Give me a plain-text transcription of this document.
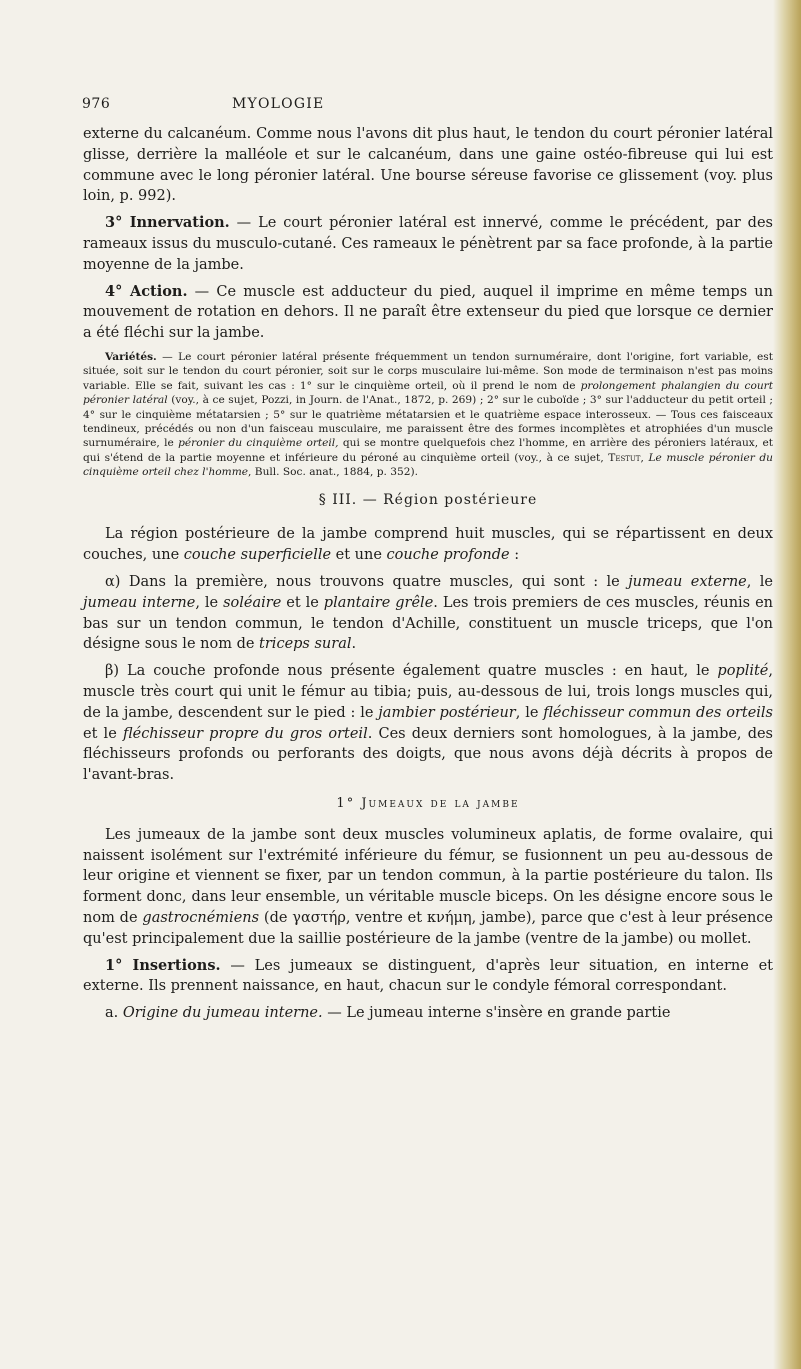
976	MYOLOGIE

externe du calcanéum. Comme nous l'avons dit plus haut, le tendon du court péronier latéral glisse, derrière la malléole et sur le calcanéum, dans une gaine ostéo-fibreuse qui lui est commune avec le long péronier latéral. Une bourse séreuse favorise ce glissement (voy. plus loin, p. 992).

3° Innervation. — Le court péronier latéral est innervé, comme le précédent, par des rameaux issus du musculo-cutané. Ces rameaux le pénètrent par sa face profonde, à la partie moyenne de la jambe.

4° Action. — Ce muscle est adducteur du pied, auquel il imprime en même temps un mouvement de rotation en dehors. Il ne paraît être extenseur du pied que lorsque ce dernier a été fléchi sur la jambe.

Variétés. — Le court péronier latéral présente fréquemment un tendon surnuméraire, dont l'origine, fort variable, est située, soit sur le tendon du court péronier, soit sur le corps musculaire lui-même. Son mode de terminaison n'est pas moins variable. Elle se fait, suivant les cas : 1° sur le cinquième orteil, où il prend le nom de prolongement phalangien du court péronier latéral (voy., à ce sujet, Pozzi, in Journ. de l'Anat., 1872, p. 269) ; 2° sur le cuboïde ; 3° sur l'adducteur du petit orteil ; 4° sur le cinquième métatarsien ; 5° sur le quatrième métatarsien et le quatrième espace interosseux. — Tous ces faisceaux tendineux, précédés ou non d'un faisceau musculaire, me paraissent être des formes incomplètes et atrophiées d'un muscle surnuméraire, le péronier du cinquième orteil, qui se montre quelquefois chez l'homme, en arrière des péroniers latéraux, et qui s'étend de la partie moyenne et inférieure du péroné au cinquième orteil (voy., à ce sujet, Testut, Le muscle péronier du cinquième orteil chez l'homme, Bull. Soc. anat., 1884, p. 352).

§ III. — Région postérieure

La région postérieure de la jambe comprend huit muscles, qui se répartissent en deux couches, une couche superficielle et une couche profonde :

α) Dans la première, nous trouvons quatre muscles, qui sont : le jumeau externe, le jumeau interne, le soléaire et le plantaire grêle. Les trois premiers de ces muscles, réunis en bas sur un tendon commun, le tendon d'Achille, constituent un muscle triceps, que l'on désigne sous le nom de triceps sural.

β) La couche profonde nous présente également quatre muscles : en haut, le poplité, muscle très court qui unit le fémur au tibia; puis, au-dessous de lui, trois longs muscles qui, de la jambe, descendent sur le pied : le jambier postérieur, le fléchisseur commun des orteils et le fléchisseur propre du gros orteil. Ces deux derniers sont homologues, à la jambe, des fléchisseurs profonds ou perforants des doigts, que nous avons déjà décrits à propos de l'avant-bras.

1° Jumeaux de la jambe

Les jumeaux de la jambe sont deux muscles volumineux aplatis, de forme ovalaire, qui naissent isolément sur l'extrémité inférieure du fémur, se fusionnent un peu au-dessous de leur origine et viennent se fixer, par un tendon commun, à la partie postérieure du talon. Ils forment donc, dans leur ensemble, un véritable muscle biceps. On les désigne encore sous le nom de gastrocnémiens (de γαστήρ, ventre et κνήμη, jambe), parce que c'est à leur présence qu'est principalement due la saillie postérieure de la jambe (ventre de la jambe) ou mollet.

1° Insertions. — Les jumeaux se distinguent, d'après leur situation, en interne et externe. Ils prennent naissance, en haut, chacun sur le condyle fémoral correspondant.

a. Origine du jumeau interne. — Le jumeau interne s'insère en grande partie
